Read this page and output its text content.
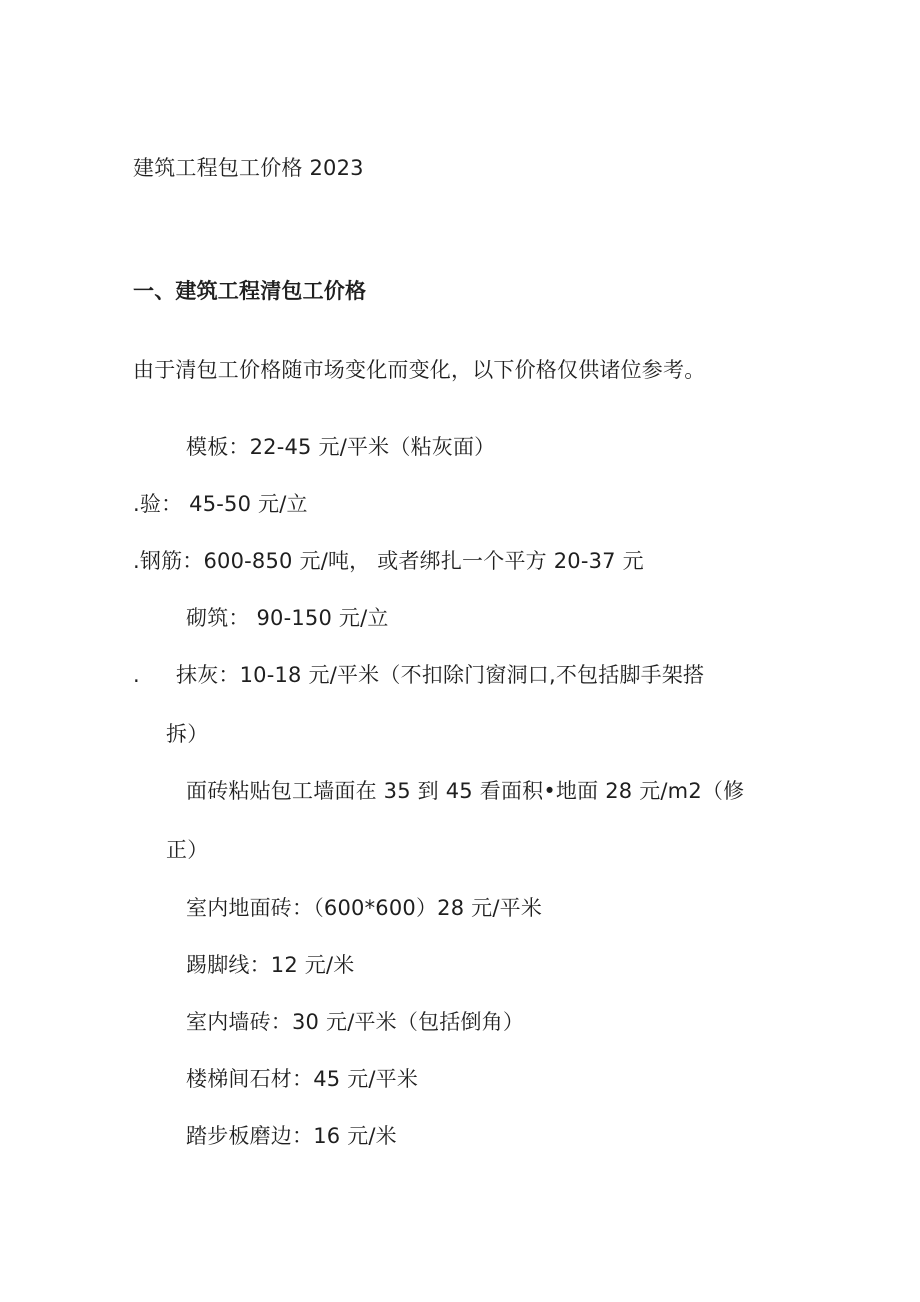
建筑工程包工价格 2023
一、建筑工程清包工价格
由于清包工价格随市场变化而变化，以下价格仅供诸位参考。
模板：22-45 元/平米（粘灰面）
.验： 45-50 元/立
.钢筋：600-850 元/吨， 或者绑扎一个平方 20-37 元
砌筑： 90-150 元/立
. 抹灰：10-18 元/平米（不扣除门窗洞口,不包括脚手架搭
拆）
面砖粘贴包工墙面在 35 到 45 看面积•地面 28 元/m2（修
正）
室内地面砖：（600*600）28 元/平米
踢脚线：12 元/米
室内墙砖：30 元/平米（包括倒角）
楼梯间石材：45 元/平米
踏步板磨边：16 元/米
